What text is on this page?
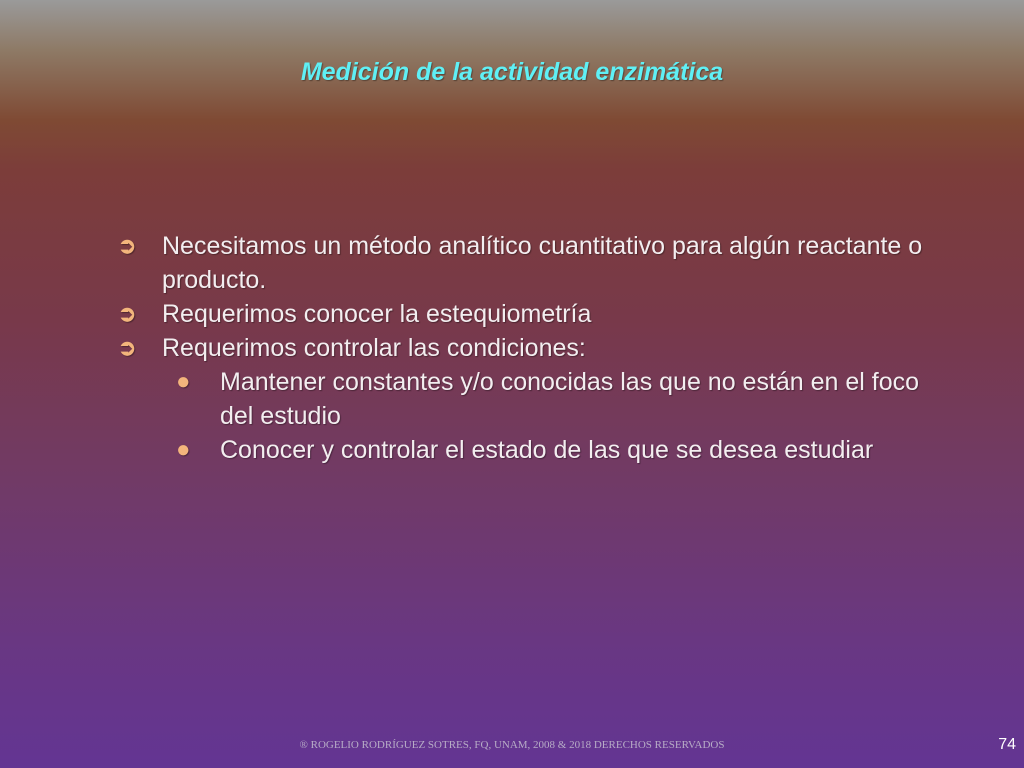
Medición de la actividad enzimática
➲ Necesitamos un método analítico cuantitativo para algún reactante o producto.
➲ Requerimos conocer la estequiometría
➲ Requerimos controlar las condiciones:
● Mantener constantes y/o conocidas las que no están en el foco del estudio
● Conocer y controlar el estado de las que se desea estudiar
® ROGELIO RODRÍGUEZ SOTRES, FQ, UNAM, 2008 & 2018 DERECHOS RESERVADOS	74
